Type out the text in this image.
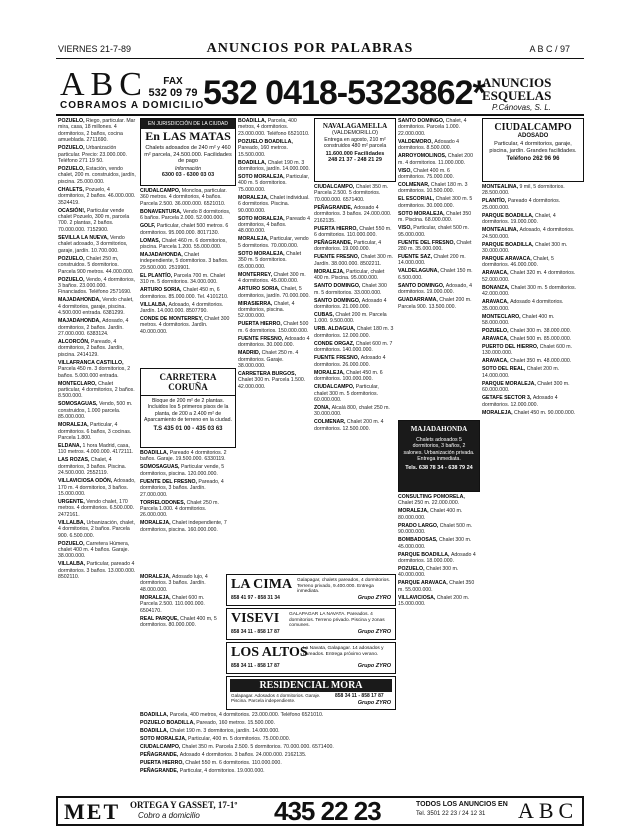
VIERNES 21-7-89	ANUNCIOS POR PALABRAS	A B C / 97
ABC
COBRAMOS A DOMICILIO
FAX
532 09 79 532 0418-5323862*
ANUNCIOS
ESQUELAS
P.Cánovas, S. L.

POZUELO, Riego, particular. Mar mira, casa, 18 millones. 4 dormitorios, 2 baños, cocina amueblada. 2711690.

POZUELO, Urbanización particular. Precio: 23.000.000. Teléfono 271 19 50.

POZUELO, Estación, vendo chalet, 200 m. construidos, jardín, piscina. 25.000.000.

CHALETS, Pozuelo, 4 dormitorios, 2 baños. 46.000.000. 3524419.

OCASIÓN!, Particular vende chalet Pozuelo, 300 m, parcela 700. 2 plantas, 2 baños. 70.000.000. 7152900.

SEVILLA LA NUEVA, Vendo chalet adosado, 3 dormitorios, garaje, jardín. 10.700.000.

POZUELO, Chalet 250 m, construidos. 5 dormitorios. Parcela 900 metros. 44.000.000.

POZUELO, Vendo, 4 dormitorios, 3 baños. 23.000.000. Financiados. Teléfono 2571690.

MAJADAHONDA, Vendo chalet, 4 dormitorios, garaje, piscina. 4.500.000 entrada. 6381299.

MAJADAHONDA, Adosado, 4 dormitorios, 2 baños. Jardín. 27.000.000. 6383124.

ALCORCÓN, Pareado, 4 dormitorios, 2 baños. Jardín, piscina. 2414129.

VILLAFRANCA CASTILLO, Parcela 450 m. 3 dormitorios, 2 baños. 5.000.000 entrada.

MONTECLARO, Chalet particular, 4 dormitorios, 2 baños. 8.500.000.

SOMOSAGUAS, Vendo, 500 m. construidos, 1.000 parcela. 85.000.000.

MORALEJA, Particular, 4 dormitorios. 6 baños, 3 cocinas. Parcela 1.800.

ELDANA, 1 hora Madrid, casa, 110 metros. 4.000.000. 4172111.

LAS ROZAS, Chalet, 4 dormitorios, 3 baños. Piscina. 24.500.000. 2552119.

VILLAVICIOSA ODÓN, Adosado, 170 m. 4 dormitorios, 3 baños. 15.000.000.

URGENTE, Vendo chalet, 170 metros. 4 dormitorios. 6.500.000. 2472161.

VILLALBA, Urbanización, chalet, 4 dormitorios, 2 baños. Parcela 900. 6.500.000.

POZUELO, Carretera Húmera, chalet 400 m. 4 baños. Garaje. 38.000.000.

VILLALBA, Particular, pareado 4 dormitorios. 3 baños. 13.000.000. 8502110.

EN JURISDICCIÓN DE LA CIUDAD
En LAS MATAS
Chalets adosados de 240 m² y 460 m² parcela, 24.500.000. Facilidades de pago
Información
6300 03 - 6300 03 03

CIUDALCAMPO, Moncloa, particular. 360 metros. 4 dormitorios, 4 baños. Parcela 2.500. 36.000.000. 6521010.

BONAVENTURA, Vendo 8 dormitorios, 6 baños. Parcela 2.000. 52.000.000.

GOLF, Particular, chalet 500 metros. 6 dormitorios. 95.000.000. 8017130.

LOMAS, Chalet 460 m. 6 dormitorios, piscina. Parcela 1.200. 55.000.000.

MAJADAHONDA, Chalet independiente, 5 dormitorios. 3 baños. 29.500.000. 2519901.

EL PLANTÍO, Parcela 700 m. Chalet 310 m. 5 dormitorios. 34.000.000.

ARTURO SORIA, Chalet 450 m, 6 dormitorios. 85.000.000. Tel. 4101210.

VILLALBA, Adosado, 4 dormitorios. Jardín. 14.000.000. 8507790.

CONDE DE MONTERREY, Chalet 300 metros. 4 dormitorios. Jardín. 40.000.000.

CARRETERA CORUÑA
Bloque de 200 m² de 2 plantas. Incluidos los 5 primeros pisos de la planta, de 200 a 2.400 m² de Aparcamiento de terreno en la ciudad.
T.S 435 01 00 - 435 03 63

BOADILLA, Pareado 4 dormitorios. 2 baños. Garaje. 19.500.000. 6330119.

SOMOSAGUAS, Particular vende, 5 dormitorios, piscina. 120.000.000.

FUENTE DEL FRESNO, Pareado, 4 dormitorios, 3 baños. Jardín. 27.000.000.

TORRELODONES, Chalet 250 m. Parcela 1.000. 4 dormitorios. 26.000.000.

MORALEJA, Chalet independiente, 7 dormitorios, piscina. 160.000.000.

BOADILLA, Parcela, 400 metros, 4 dormitorios. 23.000.000. Teléfono 6521010.

POZUELO BOADILLA, Pareado, 160 metros. 15.500.000.

BOADILLA, Chalet 190 m. 3 dormitorios, jardín. 14.000.000.

SOTO MORALEJA, Particular, 400 m. 5 dormitorios. 75.000.000.

MORALEJA, Chalet individual. 6 dormitorios. Piscina. 90.000.000.

SOTO MORALEJA, Pareado 4 dormitorios, 4 baños. 48.000.000.

MORALEJA, Particular, vendo 5 dormitorios. 70.000.000.

SOTO MORALEJA, Chalet 350 m. 5 dormitorios. 65.000.000.

MONTERREY, Chalet 300 m. 4 dormitorios. 45.000.000.

ARTURO SORIA, Chalet, 5 dormitorios, jardín. 70.000.000.

MIRASIERRA, Chalet, 4 dormitorios, piscina. 52.000.000.

PUERTA HIERRO, Chalet 500 m. 6 dormitorios. 150.000.000.

FUENTE FRESNO, Adosado 4 dormitorios. 30.000.000.

MADRID, Chalet 250 m. 4 dormitorios. Garaje. 38.000.000.

CARRETERA BURGOS, Chalet 300 m. Parcela 1.500. 42.000.000.

NAVALAGAMELLA
(VALDEMORILLO)
Entrega en agosto, 210 m² construidos 480 m² parcela
11.600.000 Facilidades
248 21 37 - 248 21 29

CIUDALCAMPO, Chalet 350 m. Parcela 2.500. 5 dormitorios. 70.000.000. 6571400.

PEÑAGRANDE, Adosado 4 dormitorios. 3 baños. 24.000.000. 2162135.

PUERTA HIERRO, Chalet 550 m. 6 dormitorios. 110.000.000.

PEÑAGRANDE, Particular, 4 dormitorios. 19.000.000.

FUENTE FRESNO, Chalet 300 m. Jardín. 38.000.000. 8502211.

MORALEJA, Particular, chalet 400 m. Piscina. 95.000.000.

SANTO DOMINGO, Chalet 300 m. 5 dormitorios. 33.000.000.

SANTO DOMINGO, Adosado 4 dormitorios. 21.000.000.

CUBAS, Chalet 200 m. Parcela 1.000. 9.500.000.

URB. ALDAGUA, Chalet 180 m. 3 dormitorios. 12.000.000.

CONDE ORGAZ, Chalet 600 m. 7 dormitorios. 140.000.000.

FUENTE FRESNO, Adosado 4 dormitorios. 26.000.000.

MORALEJA, Chalet 450 m. 6 dormitorios. 100.000.000.

CIUDALCAMPO, Particular, chalet 300 m. 5 dormitorios. 60.000.000.

ZONA, Alcalá 800, chalet 250 m. 30.000.000.

COLMENAR, Chalet 200 m. 4 dormitorios. 12.500.000.

SANTO DOMINGO, Chalet, 4 dormitorios. Parcela 1.000. 22.000.000.

VALDEMORO, Adosado 4 dormitorios. 8.500.000.

ARROYOMOLINOS, Chalet 200 m. 4 dormitorios. 11.000.000.

VISO, Chalet 400 m. 6 dormitorios. 75.000.000.

COLMENAR, Chalet 180 m. 3 dormitorios. 10.500.000.

EL ESCORIAL, Chalet 300 m. 5 dormitorios. 30.000.000.

SOTO MORALEJA, Chalet 350 m. Piscina. 68.000.000.

VISO, Particular, chalet 500 m. 95.000.000.

FUENTE DEL FRESNO, Chalet 280 m. 35.000.000.

FUENTE SAZ, Chalet 200 m. 14.000.000.

VALDELAGUNA, Chalet 150 m. 6.500.000.

SANTO DOMINGO, Adosado, 4 dormitorios. 19.000.000.

GUADARRAMA, Chalet 200 m. Parcela 900. 13.500.000.

MAJADAHONDA
Chalets adosados 5 dormitorios, 3 baños, 2 salones. Urbanización privada. Entrega inmediata.
Tels. 638 78 34 - 638 79 24

CONSULTING POMORELA, Chalet 250 m. 22.000.000.

MORALEJA, Chalet 400 m. 80.000.000.

PRADO LARGO, Chalet 500 m. 90.000.000.

BOMBADOSAS, Chalet 300 m. 45.000.000.

PARQUE BOADILLA, Adosado 4 dormitorios. 18.000.000.

POZUELO, Chalet 300 m. 40.000.000.

PARQUE ARAVACA, Chalet 350 m. 55.000.000.

VILLAVICIOSA, Chalet 200 m. 15.000.000.

CIUDALCAMPO
ADOSADO
Particular, 4 dormitorios, garaje, piscina, jardín. Grandes facilidades.
Teléfono 262 96 96

MONTEALINA, 9 mil, 5 dormitorios. 28.500.000.

PLANTÍO, Pareado 4 dormitorios. 25.000.000.

PARQUE BOADILLA, Chalet, 4 dormitorios. 19.000.000.

MONTEALINA, Adosado, 4 dormitorios. 24.500.000.

PARQUE BOADILLA, Chalet 300 m. 30.000.000.

PARQUE ARAVACA, Chalet, 5 dormitorios. 46.000.000.

ARAVACA, Chalet 320 m. 4 dormitorios. 52.000.000.

BONANZA, Chalet 300 m. 5 dormitorios. 42.000.000.

ARAVACA, Adosado 4 dormitorios. 35.000.000.

MONTECLARO, Chalet 400 m. 58.000.000.

POZUELO, Chalet 300 m. 38.000.000.

ARAVACA, Chalet 500 m. 85.000.000.

PUERTO DEL HIERRO, Chalet 600 m. 130.000.000.

ARAVACA, Chalet 350 m. 48.000.000.

SOTO DEL REAL, Chalet 200 m. 14.000.000.

PARQUE MORALEJA, Chalet 300 m. 60.000.000.

GETAFE SECTOR 3, Adosado 4 dormitorios. 12.000.000.

MORALEJA, Chalet 450 m. 90.000.000.

LA CIMA Galapagar, chalets pareados, 4 dormitorios. Terreno privado, 9.400.000. Entrega inmediata.
858 41 97 - 858 31 34	Grupo ZYRO
VISEVI GALAPAGAR LA NAVATA. Pareados. 4 dormitorios. Terreno privado. Piscina y zonas comunes.
858 34 11 - 858 17 87	Grupo ZYRO
LOS ALTOS
La Navata, Galapagar. 14 adosados y pareados. Entrega próximo verano.
858 34 11 - 858 17 87	Grupo ZYRO
RESIDENCIAL MORA
Galapagar. Adosados 4 dormitorios. Garaje. Piscina. Parcela independiente.
858 34 11 - 858 17 87
Grupo ZYRO

MORALEJA, Adosado lujo, 4 dormitorios. 3 baños. Jardín. 48.000.000.

MORALEJA, Chalet 600 m. Parcela 2.500. 110.000.000. 6504170.

REAL PARQUE, Chalet 400 m, 5 dormitorios. 80.000.000.

BOADILLA, Parcela, 400 metros, 4 dormitorios. 23.000.000. Teléfono 6521010.

POZUELO BOADILLA, Pareado, 160 metros. 15.500.000.

BOADILLA, Chalet 190 m. 3 dormitorios, jardín. 14.000.000.

SOTO MORALEJA, Particular, 400 m. 5 dormitorios. 75.000.000.

CIUDALCAMPO, Chalet 350 m. Parcela 2.500. 5 dormitorios. 70.000.000. 6571400.

PEÑAGRANDE, Adosado 4 dormitorios. 3 baños. 24.000.000. 2162135.

PUERTA HIERRO, Chalet 550 m. 6 dormitorios. 110.000.000.

PEÑAGRANDE, Particular, 4 dormitorios. 19.000.000.

MET ORTEGA Y GASSET, 17-1º
Cobro a domicilio	435 22 23	TODOS LOS ANUNCIOS EN
Tel. 3501 22 23 / 24 12 31 ABC
